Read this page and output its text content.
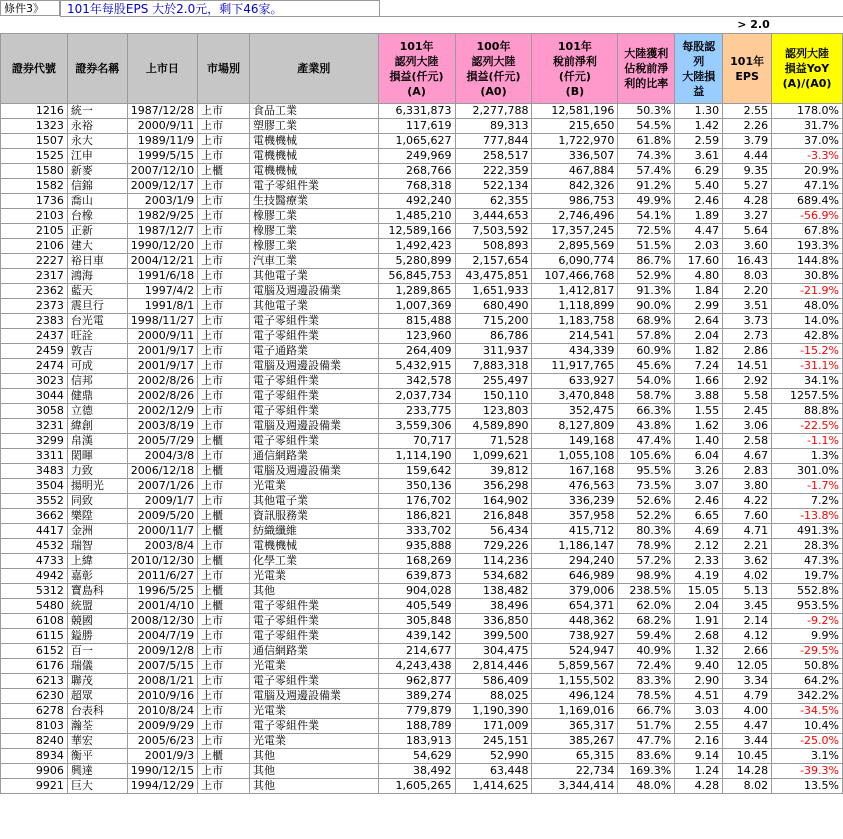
條件3》	101年每股EPS 大於2.0元，剩下46家。
> 2.0
證券代號	證券名稱	上市日	市場別	產業別	101年
認列大陸
損益(仟元)
(A)	100年
認列大陸
損益(仟元)
(A0)	101年
稅前淨利
(仟元)
(B)	大陸獲利
佔稅前淨
利的比率	每股認
列
大陸損
益	101年
EPS	認列大陸
損益YoY
(A)/(A0)
1216	統一	1987/12/28	上市	食品工業	6,331,873	2,277,788	12,581,196	50.3%	1.30	2.55	178.0%
1323	永裕	2000/9/11	上市	塑膠工業	117,619	89,313	215,650	54.5%	1.42	2.26	31.7%
1507	永大	1989/11/9	上市	電機機械	1,065,627	777,844	1,722,970	61.8%	2.59	3.79	37.0%
1525	江申	1999/5/15	上市	電機機械	249,969	258,517	336,507	74.3%	3.61	4.44	-3.3%
1580	新麥	2007/12/10	上櫃	電機機械	268,766	222,359	467,884	57.4%	6.29	9.35	20.9%
1582	信錦	2009/12/17	上市	電子零組件業	768,318	522,134	842,326	91.2%	5.40	5.27	47.1%
1736	喬山	2003/1/9	上市	生技醫療業	492,240	62,355	986,753	49.9%	2.46	4.28	689.4%
2103	台橡	1982/9/25	上市	橡膠工業	1,485,210	3,444,653	2,746,496	54.1%	1.89	3.27	-56.9%
2105	正新	1987/12/7	上市	橡膠工業	12,589,166	7,503,592	17,357,245	72.5%	4.47	5.64	67.8%
2106	建大	1990/12/20	上市	橡膠工業	1,492,423	508,893	2,895,569	51.5%	2.03	3.60	193.3%
2227	裕日車	2004/12/21	上市	汽車工業	5,280,899	2,157,654	6,090,774	86.7%	17.60	16.43	144.8%
2317	鴻海	1991/6/18	上市	其他電子業	56,845,753	43,475,851	107,466,768	52.9%	4.80	8.03	30.8%
2362	藍天	1997/4/2	上市	電腦及週邊設備業	1,289,865	1,651,933	1,412,817	91.3%	1.84	2.20	-21.9%
2373	震旦行	1991/8/1	上市	其他電子業	1,007,369	680,490	1,118,899	90.0%	2.99	3.51	48.0%
2383	台光電	1998/11/27	上市	電子零組件業	815,488	715,200	1,183,758	68.9%	2.64	3.73	14.0%
2437	旺詮	2000/9/11	上市	電子零組件業	123,960	86,786	214,541	57.8%	2.04	2.73	42.8%
2459	敦吉	2001/9/17	上市	電子通路業	264,409	311,937	434,339	60.9%	1.82	2.86	-15.2%
2474	可成	2001/9/17	上市	電腦及週邊設備業	5,432,915	7,883,318	11,917,765	45.6%	7.24	14.51	-31.1%
3023	信邦	2002/8/26	上市	電子零組件業	342,578	255,497	633,927	54.0%	1.66	2.92	34.1%
3044	健鼎	2002/8/26	上市	電子零組件業	2,037,734	150,110	3,470,848	58.7%	3.88	5.58	1257.5%
3058	立德	2002/12/9	上市	電子零組件業	233,775	123,803	352,475	66.3%	1.55	2.45	88.8%
3231	緯創	2003/8/19	上市	電腦及週邊設備業	3,559,306	4,589,890	8,127,809	43.8%	1.62	3.06	-22.5%
3299	帛漢	2005/7/29	上櫃	電子零組件業	70,717	71,528	149,168	47.4%	1.40	2.58	-1.1%
3311	閎暉	2004/3/8	上市	通信網路業	1,114,190	1,099,621	1,055,108	105.6%	6.04	4.67	1.3%
3483	力致	2006/12/18	上櫃	電腦及週邊設備業	159,642	39,812	167,168	95.5%	3.26	2.83	301.0%
3504	揚明光	2007/1/26	上市	光電業	350,136	356,298	476,563	73.5%	3.07	3.80	-1.7%
3552	同致	2009/1/7	上市	其他電子業	176,702	164,902	336,239	52.6%	2.46	4.22	7.2%
3662	樂陞	2009/5/20	上櫃	資訊服務業	186,821	216,848	357,958	52.2%	6.65	7.60	-13.8%
4417	金洲	2000/11/7	上櫃	紡織纖維	333,702	56,434	415,712	80.3%	4.69	4.71	491.3%
4532	瑞智	2003/8/4	上市	電機機械	935,888	729,226	1,186,147	78.9%	2.12	2.21	28.3%
4733	上緯	2010/12/30	上櫃	化學工業	168,269	114,236	294,240	57.2%	2.33	3.62	47.3%
4942	嘉彰	2011/6/27	上市	光電業	639,873	534,682	646,989	98.9%	4.19	4.02	19.7%
5312	寶島科	1996/5/25	上櫃	其他	904,028	138,482	379,006	238.5%	15.05	5.13	552.8%
5480	統盟	2001/4/10	上櫃	電子零組件業	405,549	38,496	654,371	62.0%	2.04	3.45	953.5%
6108	競國	2008/12/30	上市	電子零組件業	305,848	336,850	448,362	68.2%	1.91	2.14	-9.2%
6115	鎰勝	2004/7/19	上市	電子零組件業	439,142	399,500	738,927	59.4%	2.68	4.12	9.9%
6152	百一	2009/12/8	上市	通信網路業	214,677	304,475	524,947	40.9%	1.32	2.66	-29.5%
6176	瑞儀	2007/5/15	上市	光電業	4,243,438	2,814,446	5,859,567	72.4%	9.40	12.05	50.8%
6213	聯茂	2008/1/21	上市	電子零組件業	962,877	586,409	1,155,502	83.3%	2.90	3.34	64.2%
6230	超眾	2010/9/16	上市	電腦及週邊設備業	389,274	88,025	496,124	78.5%	4.51	4.79	342.2%
6278	台表科	2010/8/24	上市	光電業	779,879	1,190,390	1,169,016	66.7%	3.03	4.00	-34.5%
8103	瀚荃	2009/9/29	上市	電子零組件業	188,789	171,009	365,317	51.7%	2.55	4.47	10.4%
8240	華宏	2005/6/23	上市	光電業	183,913	245,151	385,267	47.7%	2.16	3.44	-25.0%
8934	衡平	2001/9/3	上櫃	其他	54,629	52,990	65,315	83.6%	9.14	10.45	3.1%
9906	興達	1990/12/15	上市	其他	38,492	63,448	22,734	169.3%	1.24	14.28	-39.3%
9921	巨大	1994/12/29	上市	其他	1,605,265	1,414,625	3,344,414	48.0%	4.28	8.02	13.5%
